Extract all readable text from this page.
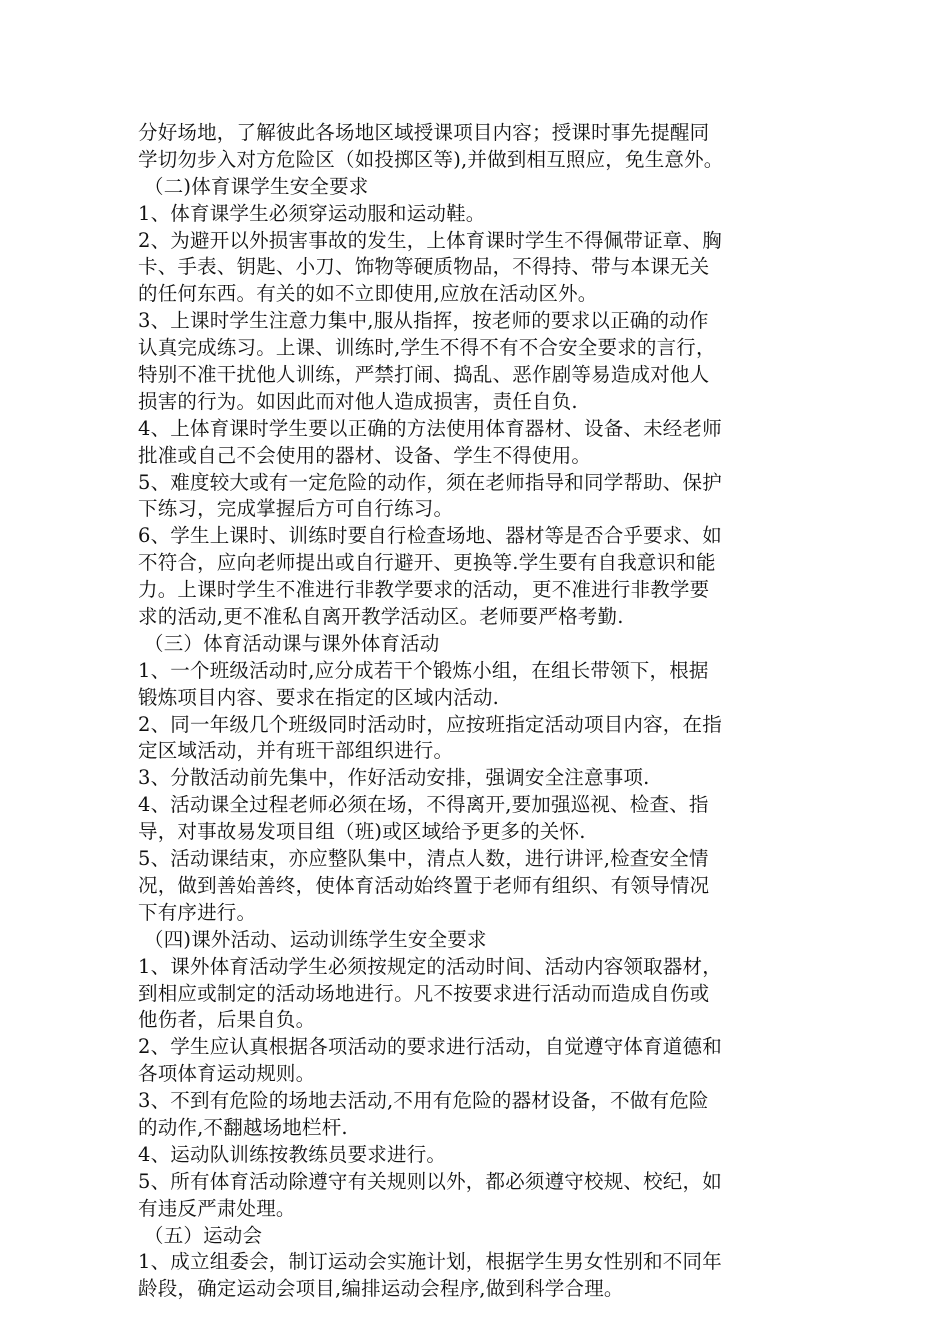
分好场地，了解彼此各场地区域授课项目内容；授课时事先提醒同
学切勿步入对方危险区（如投掷区等),并做到相互照应，免生意外。
（二)体育课学生安全要求
1、体育课学生必须穿运动服和运动鞋。
2、为避开以外损害事故的发生，上体育课时学生不得佩带证章、胸
卡、手表、钥匙、小刀、饰物等硬质物品，不得持、带与本课无关
的任何东西。有关的如不立即使用,应放在活动区外。
3、上课时学生注意力集中,服从指挥，按老师的要求以正确的动作
认真完成练习。上课、训练时,学生不得不有不合安全要求的言行，
特别不准干扰他人训练，严禁打闹、捣乱、恶作剧等易造成对他人
损害的行为。如因此而对他人造成损害，责任自负.
4、上体育课时学生要以正确的方法使用体育器材、设备、未经老师
批准或自己不会使用的器材、设备、学生不得使用。
5、难度较大或有一定危险的动作，须在老师指导和同学帮助、保护
下练习，完成掌握后方可自行练习。
6、学生上课时、训练时要自行检查场地、器材等是否合乎要求、如
不符合，应向老师提出或自行避开、更换等.学生要有自我意识和能
力。上课时学生不准进行非教学要求的活动，更不准进行非教学要
求的活动,更不准私自离开教学活动区。老师要严格考勤.
（三）体育活动课与课外体育活动
1、一个班级活动时,应分成若干个锻炼小组，在组长带领下，根据
锻炼项目内容、要求在指定的区域内活动.
2、同一年级几个班级同时活动时，应按班指定活动项目内容，在指
定区域活动，并有班干部组织进行。
3、分散活动前先集中，作好活动安排，强调安全注意事项.
4、活动课全过程老师必须在场，不得离开,要加强巡视、检查、指
导，对事故易发项目组（班)或区域给予更多的关怀.
5、活动课结束，亦应整队集中，清点人数，进行讲评,检查安全情
况，做到善始善终，使体育活动始终置于老师有组织、有领导情况
下有序进行。
（四)课外活动、运动训练学生安全要求
1、课外体育活动学生必须按规定的活动时间、活动内容领取器材，
到相应或制定的活动场地进行。凡不按要求进行活动而造成自伤或
他伤者，后果自负。
2、学生应认真根据各项活动的要求进行活动，自觉遵守体育道德和
各项体育运动规则。
3、不到有危险的场地去活动,不用有危险的器材设备，不做有危险
的动作,不翻越场地栏杆.
4、运动队训练按教练员要求进行。
5、所有体育活动除遵守有关规则以外，都必须遵守校规、校纪，如
有违反严肃处理。
（五）运动会
1、成立组委会，制订运动会实施计划，根据学生男女性别和不同年
龄段，确定运动会项目,编排运动会程序,做到科学合理。
